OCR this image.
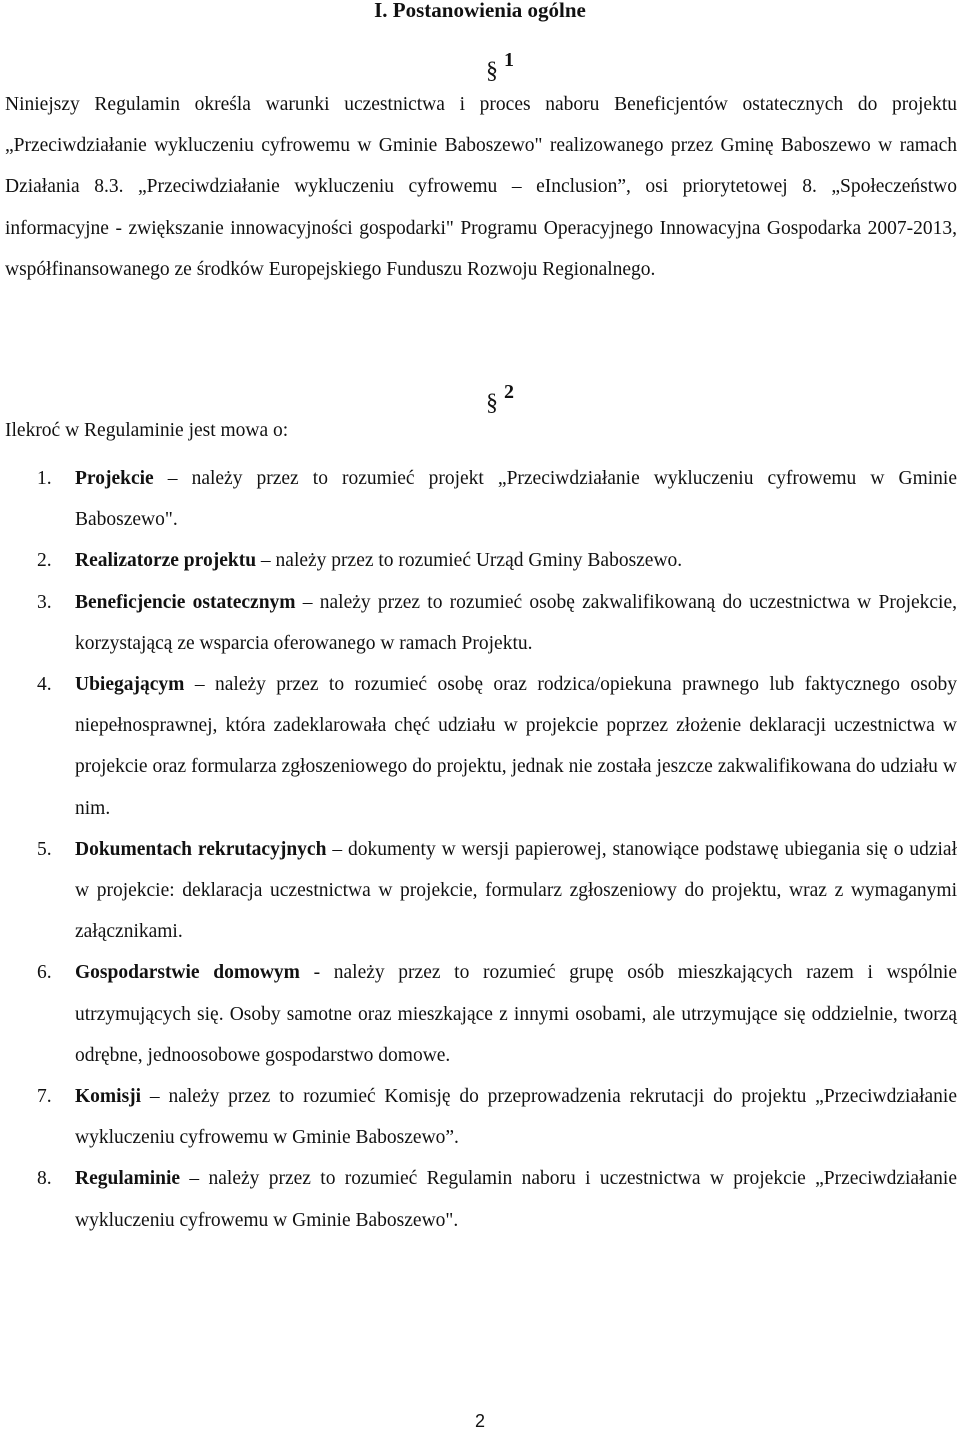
I. Postanowienia ogólne
§ 1

Niniejszy Regulamin określa warunki uczestnictwa i proces naboru Beneficjentów ostatecznych do projektu „Przeciwdziałanie wykluczeniu cyfrowemu w Gminie Baboszewo" realizowanego przez Gminę Baboszewo w ramach Działania 8.3. „Przeciwdziałanie wykluczeniu cyfrowemu – eInclusion”, osi priorytetowej 8. „Społeczeństwo informacyjne - zwiększanie innowacyjności gospodarki" Programu Operacyjnego Innowacyjna Gospodarka 2007-2013, współfinansowanego ze środków Europejskiego Funduszu Rozwoju Regionalnego.

§ 2
Ilekroć w Regulaminie jest mowa o:
1. Projekcie – należy przez to rozumieć projekt „Przeciwdziałanie wykluczeniu cyfrowemu w Gminie Baboszewo".
2. Realizatorze projektu – należy przez to rozumieć Urząd Gminy Baboszewo.
3. Beneficjencie ostatecznym – należy przez to rozumieć osobę zakwalifikowaną do uczestnictwa w Projekcie, korzystającą ze wsparcia oferowanego w ramach Projektu.
4. Ubiegającym – należy przez to rozumieć osobę oraz rodzica/opiekuna prawnego lub faktycznego osoby niepełnosprawnej, która zadeklarowała chęć udziału w projekcie poprzez złożenie deklaracji uczestnictwa w projekcie oraz formularza zgłoszeniowego do projektu, jednak nie została jeszcze zakwalifikowana do udziału w nim.
5. Dokumentach rekrutacyjnych – dokumenty w wersji papierowej, stanowiące podstawę ubiegania się o udział w projekcie: deklaracja uczestnictwa w projekcie, formularz zgłoszeniowy do projektu, wraz z wymaganymi załącznikami.
6. Gospodarstwie domowym - należy przez to rozumieć grupę osób mieszkających razem i wspólnie utrzymujących się. Osoby samotne oraz mieszkające z innymi osobami, ale utrzymujące się oddzielnie, tworzą odrębne, jednoosobowe gospodarstwo domowe.
7. Komisji – należy przez to rozumieć Komisję do przeprowadzenia rekrutacji do projektu „Przeciwdziałanie wykluczeniu cyfrowemu w Gminie Baboszewo”.
8. Regulaminie – należy przez to rozumieć Regulamin naboru i uczestnictwa w projekcie „Przeciwdziałanie wykluczeniu cyfrowemu w Gminie Baboszewo".
2
